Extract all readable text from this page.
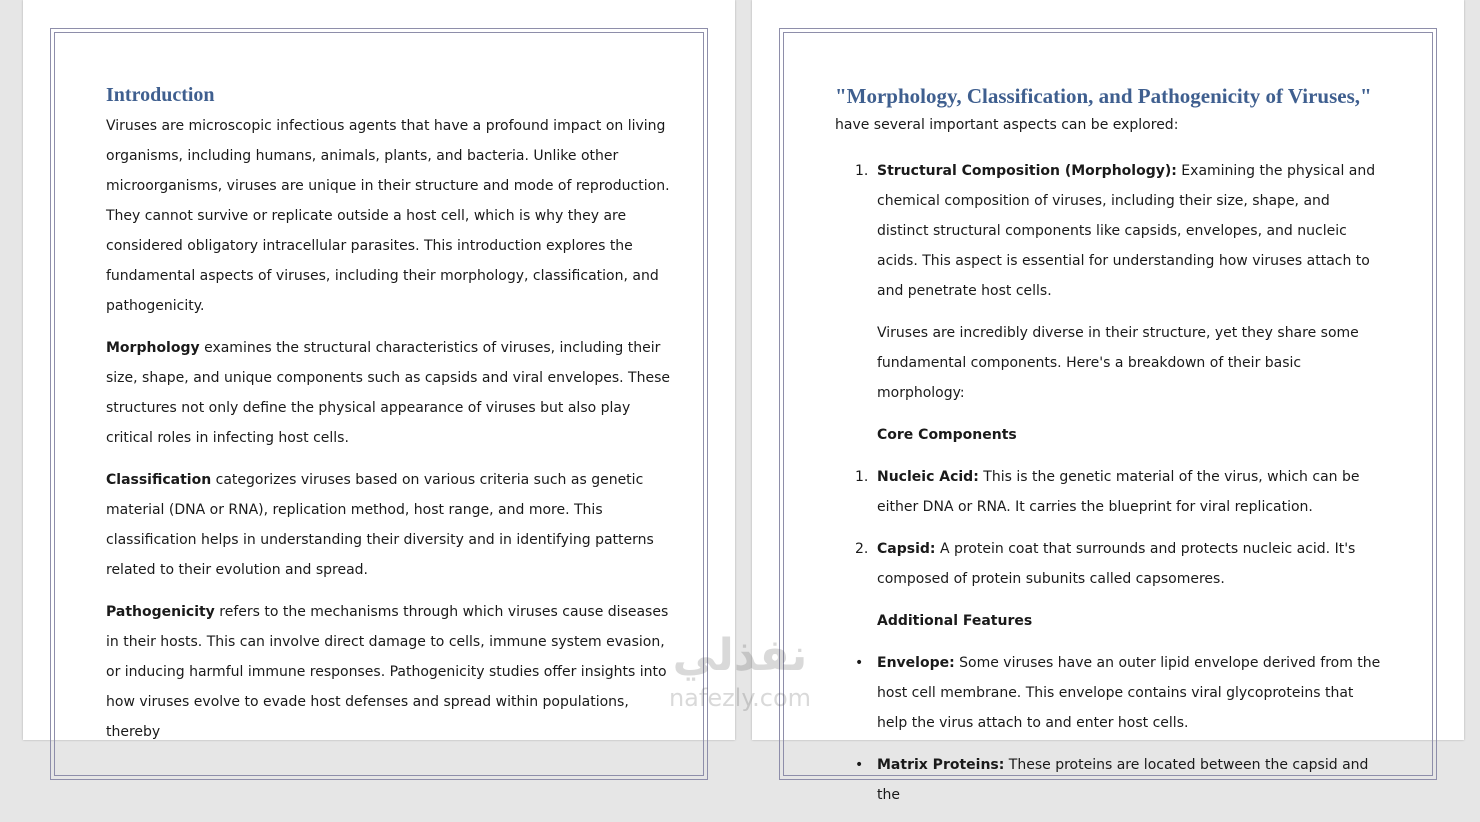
Introduction

Viruses are microscopic infectious agents that have a profound impact on living organisms, including humans, animals, plants, and bacteria. Unlike other microorganisms, viruses are unique in their structure and mode of reproduction. They cannot survive or replicate outside a host cell, which is why they are considered obligatory intracellular parasites. This introduction explores the fundamental aspects of viruses, including their morphology, classification, and pathogenicity.

Morphology examines the structural characteristics of viruses, including their size, shape, and unique components such as capsids and viral envelopes. These structures not only define the physical appearance of viruses but also play critical roles in infecting host cells.

Classification categorizes viruses based on various criteria such as genetic material (DNA or RNA), replication method, host range, and more. This classification helps in understanding their diversity and in identifying patterns related to their evolution and spread.

Pathogenicity refers to the mechanisms through which viruses cause diseases in their hosts. This can involve direct damage to cells, immune system evasion, or inducing harmful immune responses. Pathogenicity studies offer insights into how viruses evolve to evade host defenses and spread within populations, thereby

"Morphology, Classification, and Pathogenicity of Viruses,"

have several important aspects can be explored:

1. Structural Composition (Morphology): Examining the physical and chemical composition of viruses, including their size, shape, and distinct structural components like capsids, envelopes, and nucleic acids. This aspect is essential for understanding how viruses attach to and penetrate host cells.
Viruses are incredibly diverse in their structure, yet they share some fundamental components. Here's a breakdown of their basic morphology:
Core Components
1. Nucleic Acid: This is the genetic material of the virus, which can be either DNA or RNA. It carries the blueprint for viral replication.
2. Capsid: A protein coat that surrounds and protects nucleic acid. It's composed of protein subunits called capsomeres.
Additional Features
• Envelope: Some viruses have an outer lipid envelope derived from the host cell membrane. This envelope contains viral glycoproteins that help the virus attach to and enter host cells.
• Matrix Proteins: These proteins are located between the capsid and the
نفذلي
nafezly.com
